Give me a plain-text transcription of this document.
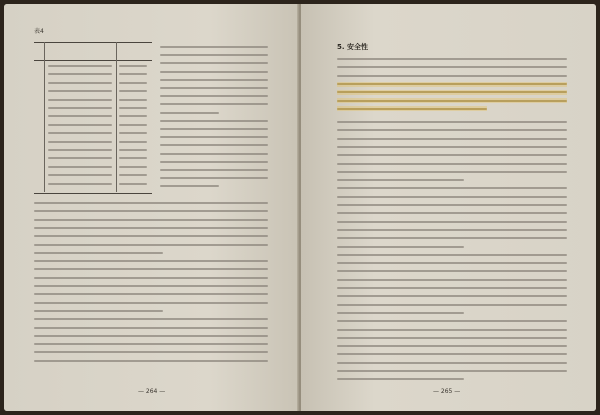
表4
— 264 —
5. 安全性
— 265 —
